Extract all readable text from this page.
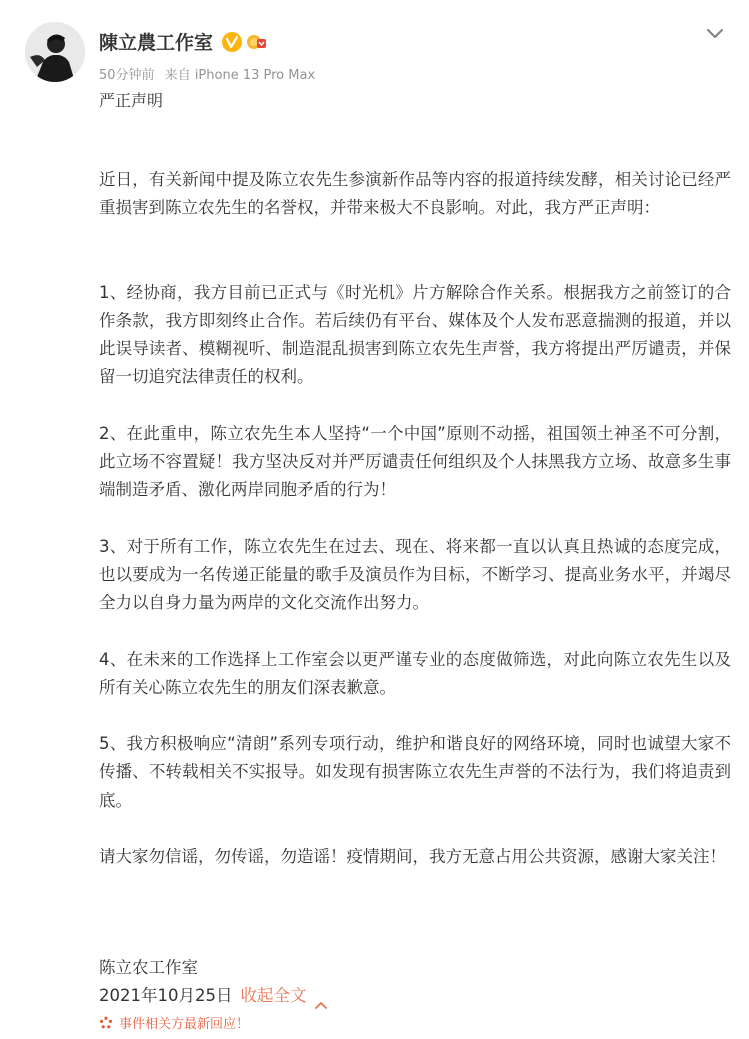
陳立農工作室
50分钟前 来自 iPhone 13 Pro Max
严正声明

近日，有关新闻中提及陈立农先生参演新作品等内容的报道持续发酵，相关讨论已经严重损害到陈立农先生的名誉权，并带来极大不良影响。对此，我方严正声明：

1、经协商，我方目前已正式与《时光机》片方解除合作关系。根据我方之前签订的合作条款，我方即刻终止合作。若后续仍有平台、媒体及个人发布恶意揣测的报道，并以此误导读者、模糊视听、制造混乱损害到陈立农先生声誉，我方将提出严厉谴责，并保留一切追究法律责任的权利。

2、在此重申，陈立农先生本人坚持“一个中国”原则不动摇，祖国领土神圣不可分割，此立场不容置疑！我方坚决反对并严厉谴责任何组织及个人抹黑我方立场、故意多生事端制造矛盾、激化两岸同胞矛盾的行为！

3、对于所有工作，陈立农先生在过去、现在、将来都一直以认真且热诚的态度完成，也以要成为一名传递正能量的歌手及演员作为目标，不断学习、提高业务水平，并竭尽全力以自身力量为两岸的文化交流作出努力。

4、在未来的工作选择上工作室会以更严谨专业的态度做筛选，对此向陈立农先生以及所有关心陈立农先生的朋友们深表歉意。

5、我方积极响应“清朗”系列专项行动，维护和谐良好的网络环境，同时也诚望大家不传播、不转载相关不实报导。如发现有损害陈立农先生声誉的不法行为，我们将追责到底。

请大家勿信谣，勿传谣，勿造谣！疫情期间，我方无意占用公共资源，感谢大家关注！

陈立农工作室
2021年10月25日 收起全文
事件相关方最新回应！
